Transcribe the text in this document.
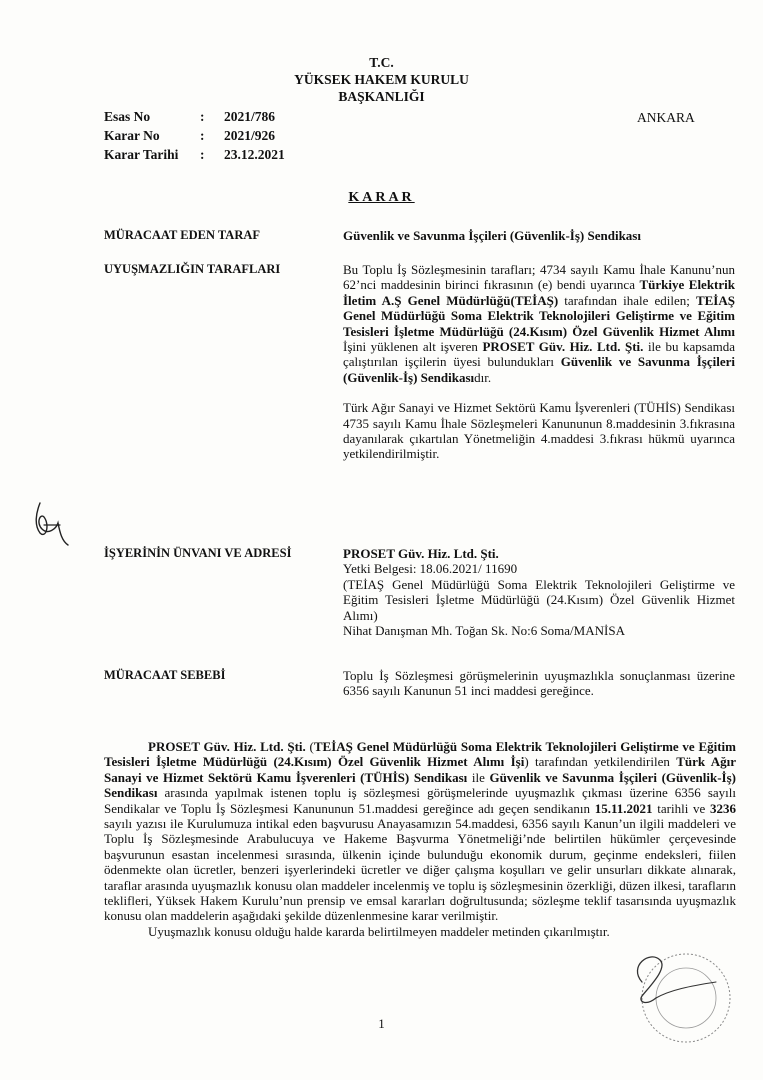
T.C.
YÜKSEK HAKEM KURULU
BAŞKANLIĞI
Esas No	:	2021/786
Karar No	:	2021/926
Karar Tarihi	:	23.12.2021
ANKARA
KARAR
MÜRACAAT EDEN TARAF	Güvenlik ve Savunma İşçileri (Güvenlik-İş) Sendikası
UYUŞMAZLIĞIN TARAFLARI	Bu Toplu İş Sözleşmesinin tarafları; 4734 sayılı Kamu İhale Kanunu’nun 62’nci maddesinin birinci fıkrasının (e) bendi uyarınca Türkiye Elektrik İletim A.Ş Genel Müdürlüğü(TEİAŞ) tarafından ihale edilen; TEİAŞ Genel Müdürlüğü Soma Elektrik Teknolojileri Geliştirme ve Eğitim Tesisleri İşletme Müdürlüğü (24.Kısım) Özel Güvenlik Hizmet Alımı İşini yüklenen alt işveren PROSET Güv. Hiz. Ltd. Şti. ile bu kapsamda çalıştırılan işçilerin üyesi bulundukları Güvenlik ve Savunma İşçileri (Güvenlik-İş) Sendikasıdır.

Türk Ağır Sanayi ve Hizmet Sektörü Kamu İşverenleri (TÜHİS) Sendikası 4735 sayılı Kamu İhale Sözleşmeleri Kanununun 8.maddesinin 3.fıkrasına dayanılarak çıkartılan Yönetmeliğin 4.maddesi 3.fıkrası hükmü uyarınca yetkilendirilmiştir.

İŞYERİNİN ÜNVANI VE ADRESİ	PROSET Güv. Hiz. Ltd. Şti.

Yetki Belgesi: 18.06.2021/ 11690

(TEİAŞ Genel Müdürlüğü Soma Elektrik Teknolojileri Geliştirme ve Eğitim Tesisleri İşletme Müdürlüğü (24.Kısım) Özel Güvenlik Hizmet Alımı)

Nihat Danışman Mh. Toğan Sk. No:6 Soma/MANİSA

MÜRACAAT SEBEBİ	Toplu İş Sözleşmesi görüşmelerinin uyuşmazlıkla sonuçlanması üzerine 6356 sayılı Kanunun 51 inci maddesi gereğince.

PROSET Güv. Hiz. Ltd. Şti. (TEİAŞ Genel Müdürlüğü Soma Elektrik Teknolojileri Geliştirme ve Eğitim Tesisleri İşletme Müdürlüğü (24.Kısım) Özel Güvenlik Hizmet Alımı İşi) tarafından yetkilendirilen Türk Ağır Sanayi ve Hizmet Sektörü Kamu İşverenleri (TÜHİS) Sendikası ile Güvenlik ve Savunma İşçileri (Güvenlik-İş) Sendikası arasında yapılmak istenen toplu iş sözleşmesi görüşmelerinde uyuşmazlık çıkması üzerine 6356 sayılı Sendikalar ve Toplu İş Sözleşmesi Kanununun 51.maddesi gereğince adı geçen sendikanın 15.11.2021 tarihli ve 3236 sayılı yazısı ile Kurulumuza intikal eden başvurusu Anayasamızın 54.maddesi, 6356 sayılı Kanun’un ilgili maddeleri ve Toplu İş Sözleşmesinde Arabulucuya ve Hakeme Başvurma Yönetmeliği’nde belirtilen hükümler çerçevesinde başvurunun esastan incelenmesi sırasında, ülkenin içinde bulunduğu ekonomik durum, geçinme endeksleri, fiilen ödenmekte olan ücretler, benzeri işyerlerindeki ücretler ve diğer çalışma koşulları ve gelir unsurları dikkate alınarak, taraflar arasında uyuşmazlık konusu olan maddeler incelenmiş ve toplu iş sözleşmesinin özerkliği, düzen ilkesi, tarafların teklifleri, Yüksek Hakem Kurulu’nun prensip ve emsal kararları doğrultusunda; sözleşme teklif tasarısında uyuşmazlık konusu olan maddelerin aşağıdaki şekilde düzenlenmesine karar verilmiştir.

Uyuşmazlık konusu olduğu halde kararda belirtilmeyen maddeler metinden çıkarılmıştır.

1
